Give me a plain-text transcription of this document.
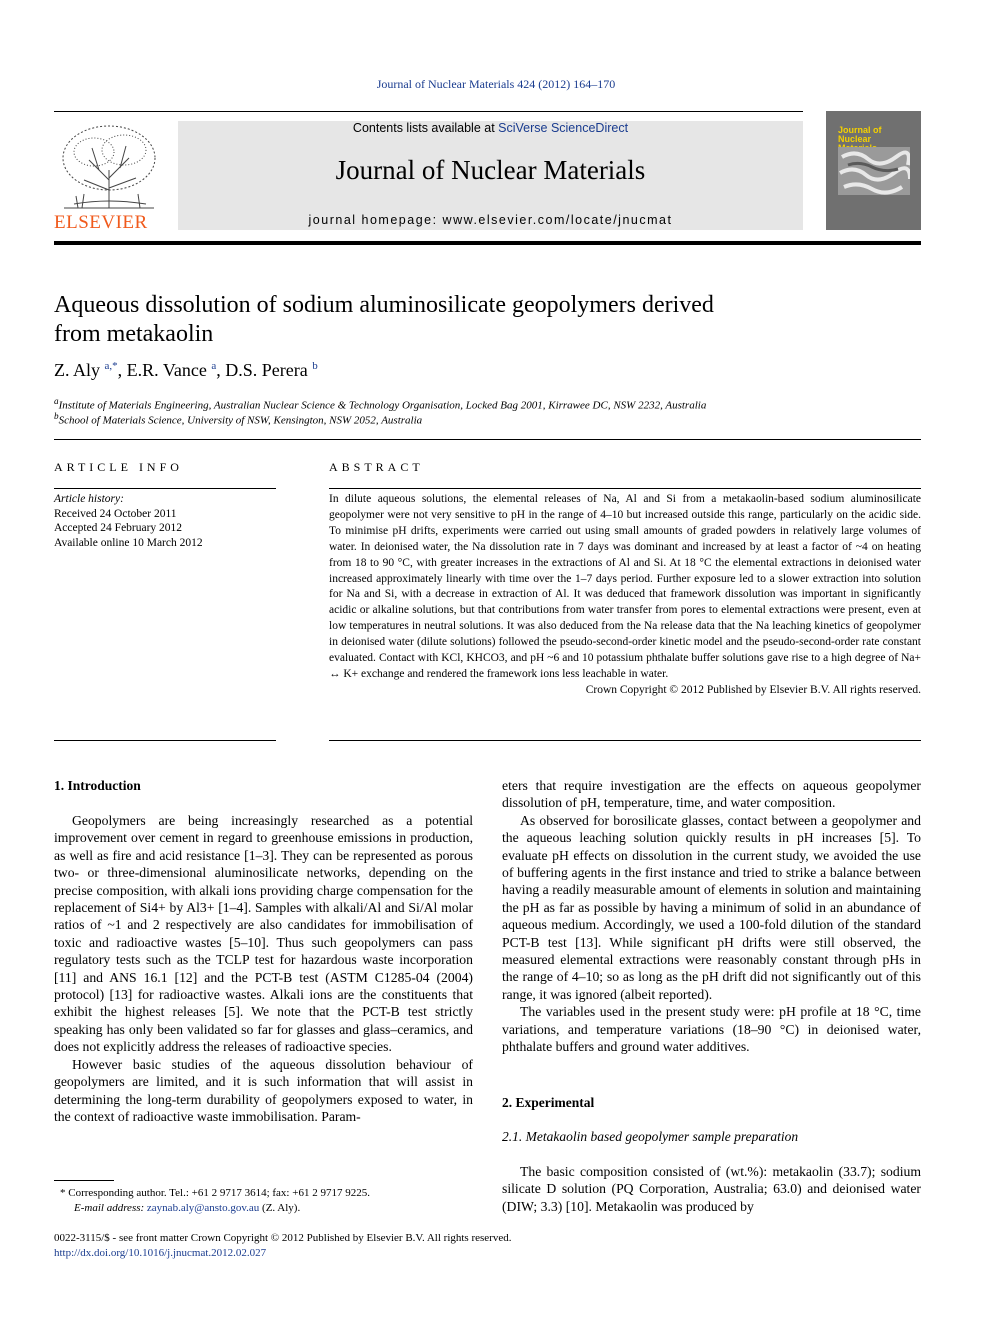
Journal of Nuclear Materials 424 (2012) 164–170
ELSEVIER
Contents lists available at SciVerse ScienceDirect
Journal of Nuclear Materials
journal homepage: www.elsevier.com/locate/jnucmat
Journal of Nuclear
Aqueous dissolution of sodium aluminosilicate geopolymers derived
from metakaolin
Z. Aly $^{a,*}$, E.R. Vance $^a$, D.S. Perera $^b$
$^a$Institute of Materials Engineering, Australian Nuclear Science & Technology Organisation, Locked Bag 2001, Kirrawee DC, NSW 2232, Australia
$^b$School of Materials Science, University of NSW, Kensington, NSW 2052, Australia
ARTICLE INFO
Article history:
Received 24 October 2011
Accepted 24 February 2012
Available online 10 March 2012
ABSTRACT

In dilute aqueous solutions, the elemental releases of Na, Al and Si from a metakaolin-based sodium aluminosilicate geopolymer were not very sensitive to pH in the range of 4–10 but increased outside this range, particularly on the acidic side. To minimise pH drifts, experiments were carried out using small amounts of graded powders in relatively large volumes of water. In deionised water, the Na dissolution rate in 7 days was dominant and increased by at least a factor of ~4 on heating from 18 to 90 °C, with greater increases in the extractions of Al and Si. At 18 °C the elemental extractions in deionised water increased approximately linearly with time over the 1–7 days period. Further exposure led to a slower extraction into solution for Na and Si, with a decrease in extraction of Al. It was deduced that framework dissolution was important in significantly acidic or alkaline solutions, but that contributions from water transfer from pores to elemental extractions were present, even at low temperatures in neutral solutions. It was also deduced from the Na release data that the Na leaching kinetics of geopolymer in deionised water (dilute solutions) followed the pseudo-second-order kinetic model and the pseudo-second-order rate constant evaluated. Contact with KCl, KHCO3, and pH ~6 and 10 potassium phthalate buffer solutions gave rise to a high degree of Na+ ↔ K+ exchange and rendered the framework ions less leachable in water.

Crown Copyright © 2012 Published by Elsevier B.V. All rights reserved.
1. Introduction

Geopolymers are being increasingly researched as a potential improvement over cement in regard to greenhouse emissions in production, as well as fire and acid resistance [1–3]. They can be represented as porous two- or three-dimensional aluminosilicate networks, depending on the precise composition, with alkali ions providing charge compensation for the replacement of Si4+ by Al3+ [1–4]. Samples with alkali/Al and Si/Al molar ratios of ~1 and 2 respectively are also candidates for immobilisation of toxic and radioactive wastes [5–10]. Thus such geopolymers can pass regulatory tests such as the TCLP test for hazardous waste incorporation [11] and ANS 16.1 [12] and the PCT-B test (ASTM C1285-04 (2004) protocol) [13] for radioactive wastes. Alkali ions are the constituents that exhibit the highest releases [5]. We note that the PCT-B test strictly speaking has only been validated so far for glasses and glass–ceramics, and does not explicitly address the releases of radioactive species.

However basic studies of the aqueous dissolution behaviour of geopolymers are limited, and it is such information that will assist in determining the long-term durability of geopolymers exposed to water, in the context of radioactive waste immobilisation. Param-

eters that require investigation are the effects on aqueous geopolymer dissolution of pH, temperature, time, and water composition.

As observed for borosilicate glasses, contact between a geopolymer and the aqueous leaching solution quickly results in pH increases [5]. To evaluate pH effects on dissolution in the current study, we avoided the use of buffering agents in the first instance and tried to strike a balance between having a readily measurable amount of elements in solution and maintaining the pH as far as possible by having a minimum of solid in an abundance of aqueous medium. Accordingly, we used a 100-fold dilution of the standard PCT-B test [13]. While significant pH drifts were still observed, the measured elemental extractions were reasonably constant through pHs in the range of 4–10; so as long as the pH drift did not significantly out of this range, it was ignored (albeit reported).

The variables used in the present study were: pH profile at 18 °C, time variations, and temperature variations (18–90 °C) in deionised water, phthalate buffers and ground water additives.

2. Experimental
2.1. Metakaolin based geopolymer sample preparation

The basic composition consisted of (wt.%): metakaolin (33.7); sodium silicate D solution (PQ Corporation, Australia; 63.0) and deionised water (DIW; 3.3) [10]. Metakaolin was produced by

* Corresponding author. Tel.: +61 2 9717 3614; fax: +61 2 9717 9225.
E-mail address: zaynab.aly@ansto.gov.au (Z. Aly).
0022-3115/$ - see front matter Crown Copyright © 2012 Published by Elsevier B.V. All rights reserved.
http://dx.doi.org/10.1016/j.jnucmat.2012.02.027
